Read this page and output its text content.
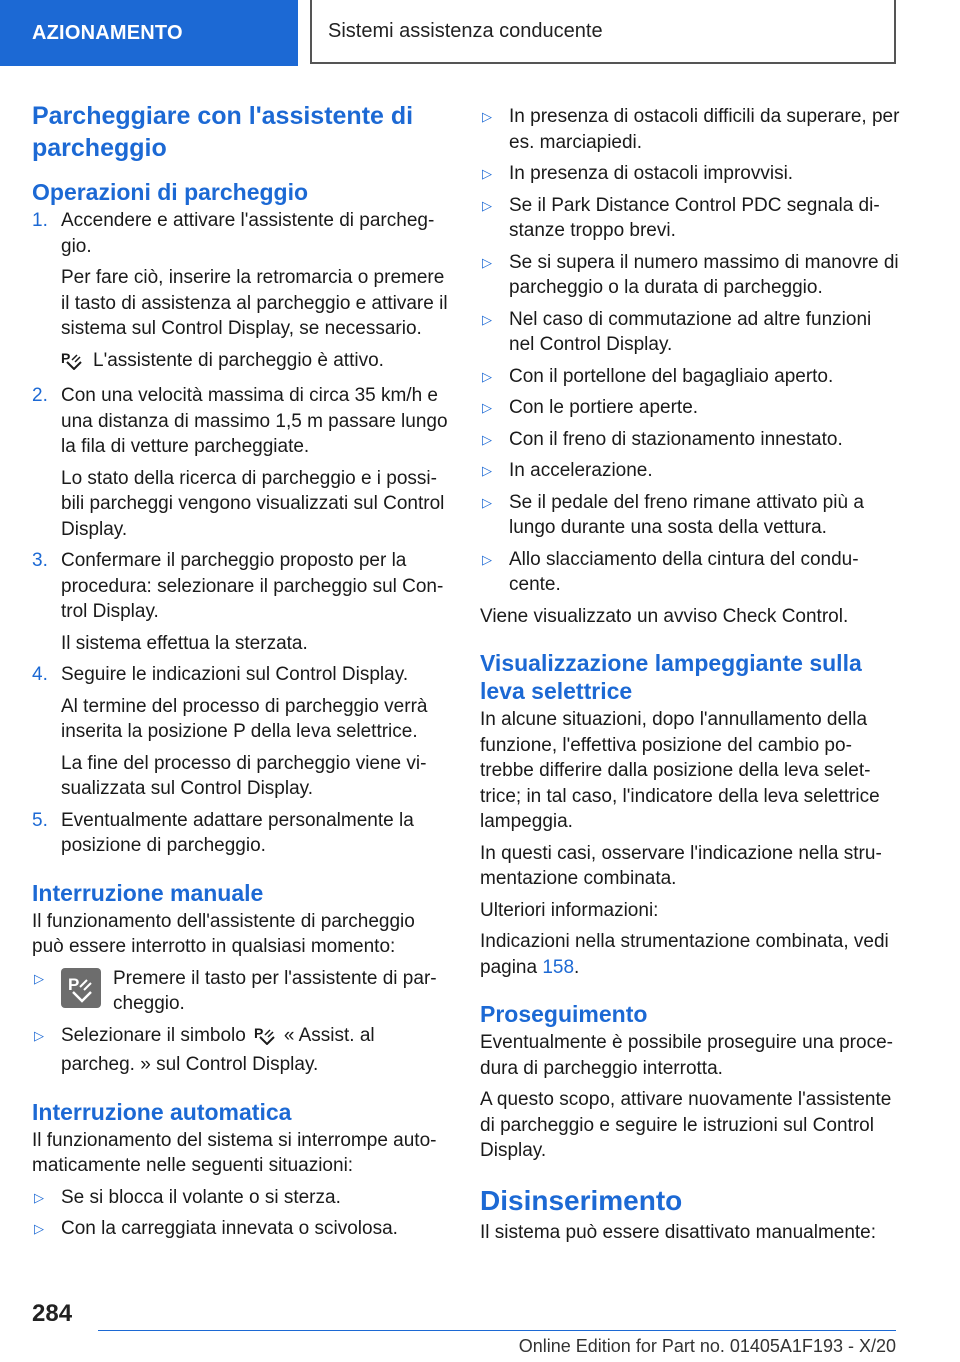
AZIONAMENTO	Sistemi assistenza conducente
Parcheggiare con l'assistente di parcheggio
Operazioni di parcheggio
1. Accendere e attivare l'assistente di parcheg-gio.

Per fare ciò, inserire la retromarcia o premere il tasto di assistenza al parcheggio e attivare il sistema sul Control Display, se necessario.

P L'assistente di parcheggio è attivo.

2. Con una velocità massima di circa 35 km/h e una distanza di massimo 1,5 m passare lungo la fila di vetture parcheggiate.

Lo stato della ricerca di parcheggio e i possi-bili parcheggi vengono visualizzati sul Control Display.

3. Confermare il parcheggio proposto per la procedura: selezionare il parcheggio sul Con-trol Display.

Il sistema effettua la sterzata.

4. Seguire le indicazioni sul Control Display.

Al termine del processo di parcheggio verrà inserita la posizione P della leva selettrice.

La fine del processo di parcheggio viene vi-sualizzata sul Control Display.

5. Eventualmente adattare personalmente la posizione di parcheggio.

Interruzione manuale

Il funzionamento dell'assistente di parcheggio può essere interrotto in qualsiasi momento:

▷	P Premere il tasto per l'assistente di par-cheggio.

▷ Selezionare il simbolo P « Assist. al parcheg. » sul Control Display.

Interruzione automatica

Il funzionamento del sistema si interrompe auto-maticamente nelle seguenti situazioni:

▷ Se si blocca il volante o si sterza.

▷ Con la carreggiata innevata o scivolosa.

▷ In presenza di ostacoli difficili da superare, per es. marciapiedi.

▷ In presenza di ostacoli improvvisi.

▷ Se il Park Distance Control PDC segnala di-stanze troppo brevi.

▷ Se si supera il numero massimo di manovre di parcheggio o la durata di parcheggio.

▷ Nel caso di commutazione ad altre funzioni nel Control Display.

▷ Con il portellone del bagagliaio aperto.

▷ Con le portiere aperte.

▷ Con il freno di stazionamento innestato.

▷ In accelerazione.

▷ Se il pedale del freno rimane attivato più a lungo durante una sosta della vettura.

▷ Allo slacciamento della cintura del condu-cente.

Viene visualizzato un avviso Check Control.

Visualizzazione lampeggiante sulla leva selettrice

In alcune situazioni, dopo l'annullamento della funzione, l'effettiva posizione del cambio po-trebbe differire dalla posizione della leva selet-trice; in tal caso, l'indicatore della leva selettrice lampeggia.

In questi casi, osservare l'indicazione nella stru-mentazione combinata.

Ulteriori informazioni:

Indicazioni nella strumentazione combinata, vedi pagina 158.

Proseguimento

Eventualmente è possibile proseguire una proce-dura di parcheggio interrotta.

A questo scopo, attivare nuovamente l'assistente di parcheggio e seguire le istruzioni sul Control Display.

Disinserimento

Il sistema può essere disattivato manualmente:

284
Online Edition for Part no. 01405A1F193 - X/20
